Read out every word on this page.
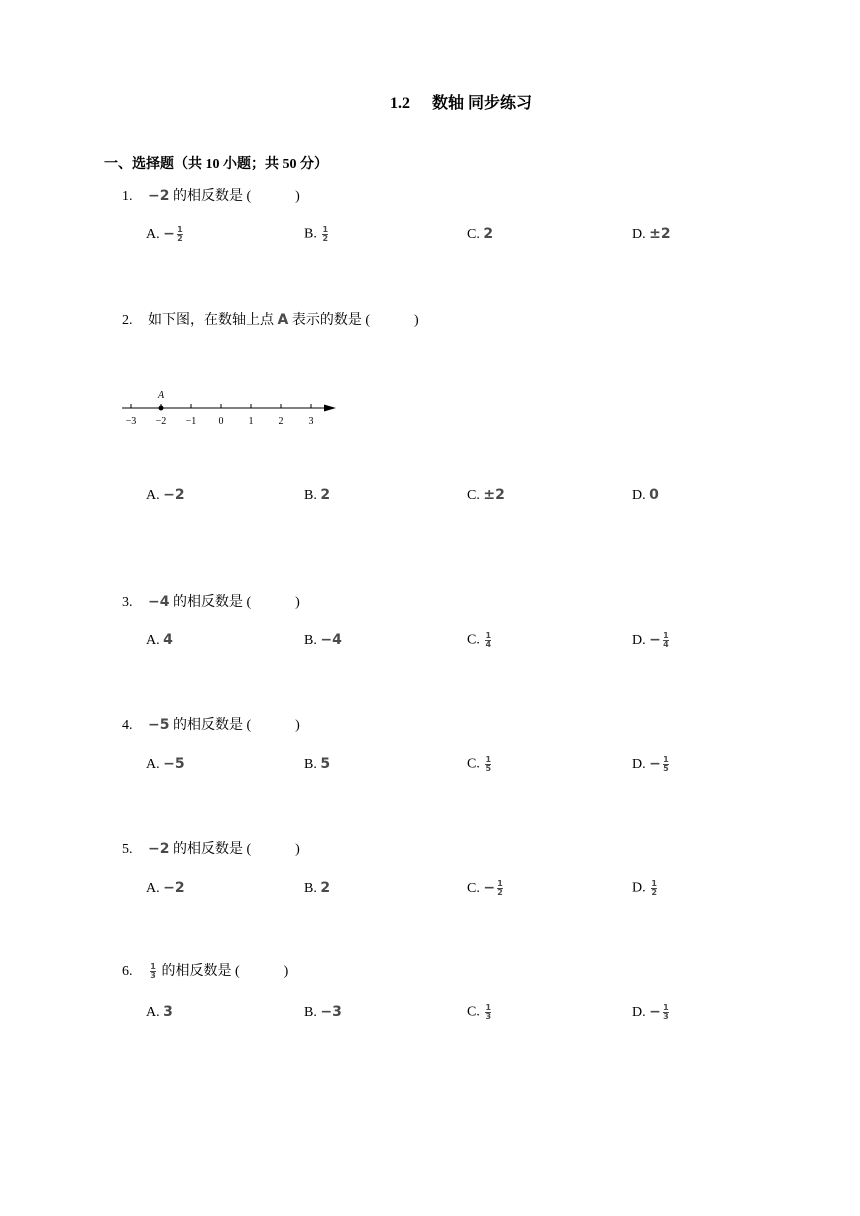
1.2 数轴 同步练习
一、选择题（共 10 小题；共 50 分）
1. −2 的相反数是 (	)
A. − $\frac{1}{2}$	B. $\frac{1}{2}$	C. 2	D. ±2
2. 如下图，在数轴上点 A 表示的数是 (	)
A
−3 −2 −1 0	1	2	3
A. −2	B. 2	C. ±2	D. 0
3. −4 的相反数是 (	)
A. 4	B. −4	C. $\frac{1}{4}$	D. − $\frac{1}{4}$
4. −5 的相反数是 (	)
A. −5	B. 5	C. $\frac{1}{5}$	D. − $\frac{1}{5}$
5. −2 的相反数是 (	)
A. −2	B. 2	C. − $\frac{1}{2}$	D. $\frac{1}{2}$
6. $\frac{1}{3}$ 的相反数是 (	)
A. 3	B. −3	C. $\frac{1}{3}$	D. − $\frac{1}{3}$
